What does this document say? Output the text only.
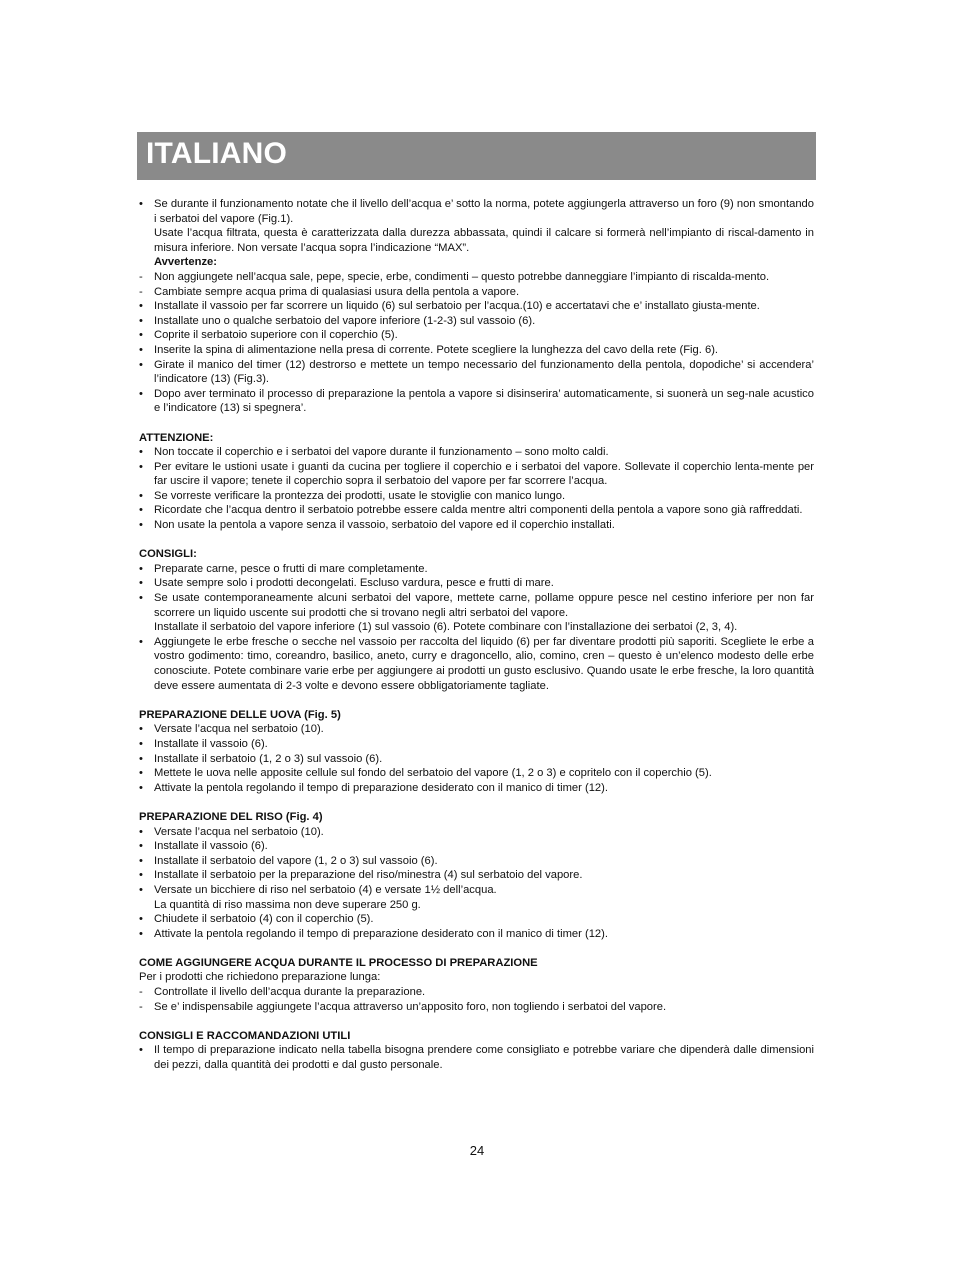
ITALIANO
• Se durante il funzionamento notate che il livello dell’acqua e’ sotto la norma, potete aggiungerla attraverso un foro (9) non smontando i serbatoi del vapore (Fig.1).
Usate l’acqua filtrata, questa è caratterizzata dalla durezza abbassata, quindi il calcare si formerà nell’impianto di riscal-damento in misura inferiore. Non versate l’acqua sopra l’indicazione “MAX”.
Avvertenze:
-	Non aggiungete nell’acqua sale, pepe, specie, erbe, condimenti – questo potrebbe danneggiare l’impianto di riscalda-mento.
-	Cambiate sempre acqua prima di qualasiasi usura della pentola a vapore.
• Installate il vassoio per far scorrere un liquido (6) sul serbatoio per l’acqua.(10) e accertatavi che e’ installato giusta-mente.
• Installate uno o qualche serbatoio del vapore inferiore (1-2-3) sul vassoio (6).
• Coprite il serbatoio superiore con il coperchio (5).
• Inserite la spina di alimentazione nella presa di corrente. Potete scegliere la lunghezza del cavo della rete (Fig. 6).
• Girate il manico del timer (12) destrorso e mettete un tempo necessario del funzionamento della pentola, dopodiche’ si accendera’ l’indicatore (13) (Fig.3).
• Dopo aver terminato il processo di preparazione la pentola a vapore si disinserira’ automaticamente, si suonerà un seg-nale acustico e l’indicatore (13) si spegnera’.
ATTENZIONE:
• Non toccate il coperchio e i serbatoi del vapore durante il funzionamento – sono molto caldi.
• Per evitare le ustioni usate i guanti da cucina per togliere il coperchio e i serbatoi del vapore. Sollevate il coperchio lenta-mente per far uscire il vapore; tenete il coperchio sopra il serbatoio del vapore per far scorrere l’acqua.
• Se vorreste verificare la prontezza dei prodotti, usate le stoviglie con manico lungo.
• Ricordate che l’acqua dentro il serbatoio potrebbe essere calda mentre altri componenti della pentola a vapore sono già raffreddati.
• Non usate la pentola a vapore senza il vassoio, serbatoio del vapore ed il coperchio installati.
CONSIGLI:
• Preparate carne, pesce o frutti di mare completamente.
• Usate sempre solo i prodotti decongelati. Escluso vardura, pesce e frutti di mare.
• Se usate contemporaneamente alcuni serbatoi del vapore, mettete carne, pollame oppure pesce nel cestino inferiore per non far scorrere un liquido uscente sui prodotti che si trovano negli altri serbatoi del vapore.
Installate il serbatoio del vapore inferiore (1) sul vassoio (6). Potete combinare con l’installazione dei serbatoi (2, 3, 4).
• Aggiungete le erbe fresche o secche nel vassoio per raccolta del liquido (6) per far diventare prodotti più saporiti. Scegliete le erbe a vostro godimento: timo, coreandro, basilico, aneto, curry e dragoncello, alio, comino, cren – questo è un’elenco modesto delle erbe conosciute. Potete combinare varie erbe per aggiungere ai prodotti un gusto esclusivo. Quando usate le erbe fresche, la loro quantità deve essere aumentata di 2-3 volte e devono essere obbligatoriamente tagliate.
PREPARAZIONE DELLE UOVA (Fig. 5)
• Versate l’acqua nel serbatoio (10).
• Installate il vassoio (6).
• Installate il serbatoio (1, 2 o 3) sul vassoio (6).
• Mettete le uova nelle apposite cellule sul fondo del serbatoio del vapore (1, 2 o 3) e copritelo con il coperchio (5).
• Attivate la pentola regolando il tempo di preparazione desiderato con il manico di timer (12).
PREPARAZIONE DEL RISO (Fig. 4)
• Versate l’acqua nel serbatoio (10).
• Installate il vassoio (6).
• Installate il serbatoio del vapore (1, 2 o 3) sul vassoio (6).
• Installate il serbatoio per la preparazione del riso/minestra (4) sul serbatoio del vapore.
• Versate un bicchiere di riso nel serbatoio (4) e versate 1½ dell’acqua.
La quantità di riso massima non deve superare 250 g.
• Chiudete il serbatoio (4) con il coperchio (5).
• Attivate la pentola regolando il tempo di preparazione desiderato con il manico di timer (12).
COME AGGIUNGERE ACQUA DURANTE IL PROCESSO DI PREPARAZIONE
Per i prodotti che richiedono preparazione lunga:
-	Controllate il livello dell’acqua durante la preparazione.
-	Se e’ indispensabile aggiungete l’acqua attraverso un’apposito foro, non togliendo i serbatoi del vapore.
CONSIGLI E RACCOMANDAZIONI UTILI
• Il tempo di preparazione indicato nella tabella bisogna prendere come consigliato e potrebbe variare che dipenderà dalle dimensioni dei pezzi, dalla quantità dei prodotti e dal gusto personale.
24
